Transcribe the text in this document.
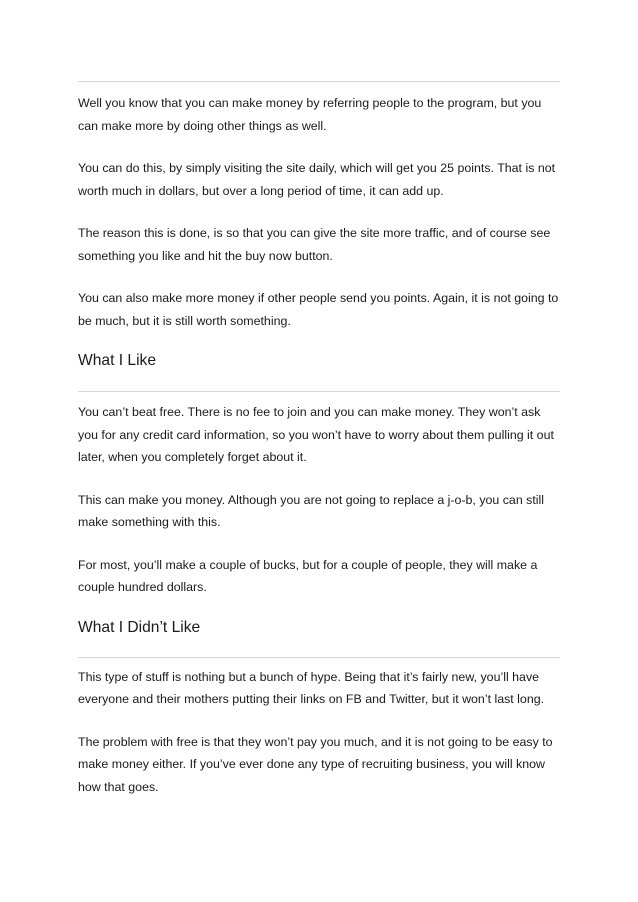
Well you know that you can make money by referring people to the program, but you can make more by doing other things as well.

You can do this, by simply visiting the site daily, which will get you 25 points. That is not worth much in dollars, but over a long period of time, it can add up.

The reason this is done, is so that you can give the site more traffic, and of course see something you like and hit the buy now button.

You can also make more money if other people send you points. Again, it is not going to be much, but it is still worth something.

What I Like

You can’t beat free. There is no fee to join and you can make money. They won’t ask you for any credit card information, so you won’t have to worry about them pulling it out later, when you completely forget about it.

This can make you money. Although you are not going to replace a j-o-b, you can still make something with this.

For most, you’ll make a couple of bucks, but for a couple of people, they will make a couple hundred dollars.

What I Didn’t Like

This type of stuff is nothing but a bunch of hype. Being that it’s fairly new, you’ll have everyone and their mothers putting their links on FB and Twitter, but it won’t last long.

The problem with free is that they won’t pay you much, and it is not going to be easy to make money either. If you’ve ever done any type of recruiting business, you will know how that goes.
